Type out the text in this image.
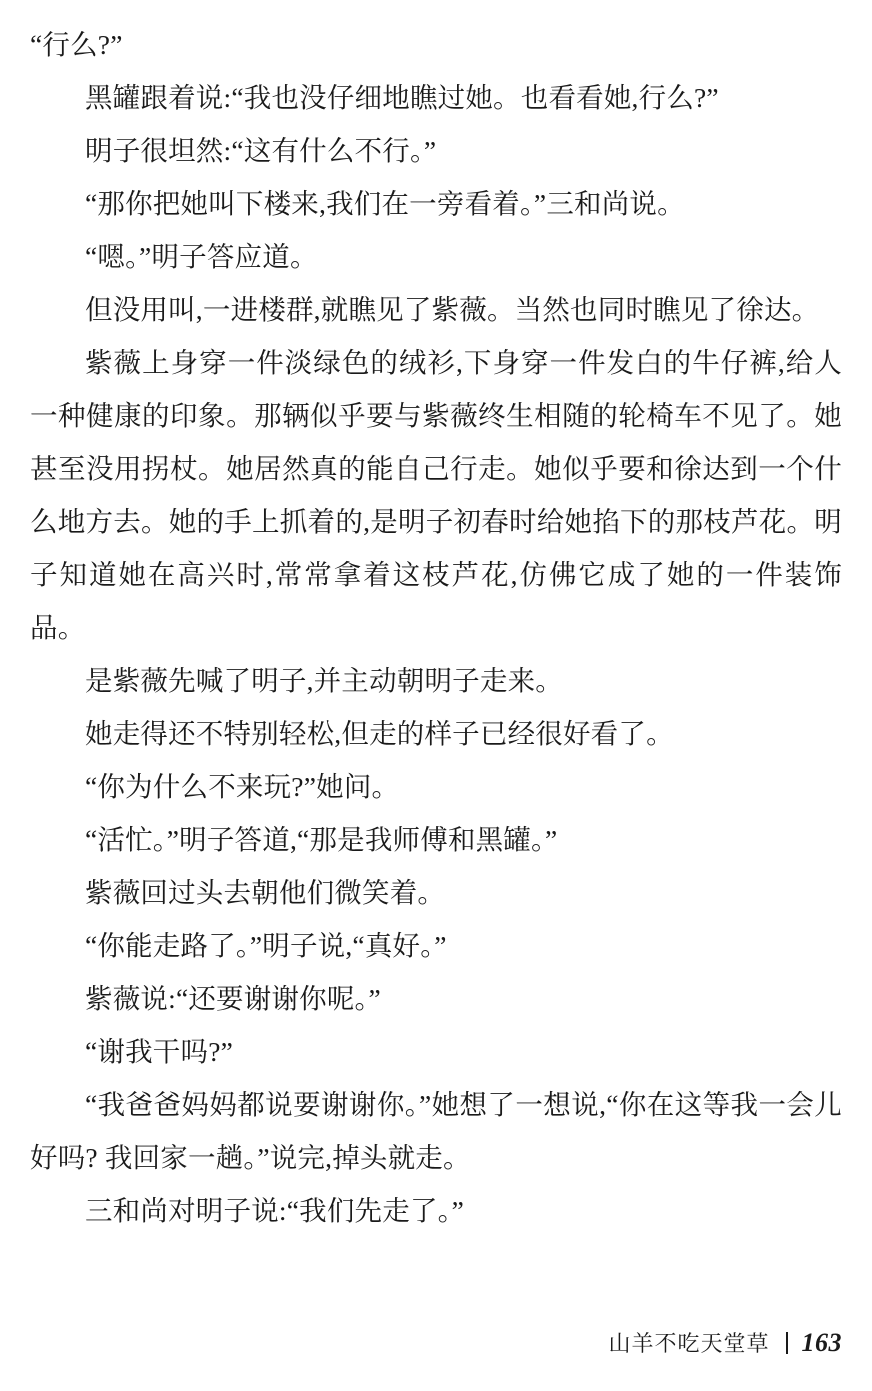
“行么?”

黑罐跟着说:“我也没仔细地瞧过她。也看看她,行么?”

明子很坦然:“这有什么不行。”

“那你把她叫下楼来,我们在一旁看着。”三和尚说。

“嗯。”明子答应道。

但没用叫,一进楼群,就瞧见了紫薇。当然也同时瞧见了徐达。

紫薇上身穿一件淡绿色的绒衫,下身穿一件发白的牛仔裤,给人一种健康的印象。那辆似乎要与紫薇终生相随的轮椅车不见了。她甚至没用拐杖。她居然真的能自己行走。她似乎要和徐达到一个什么地方去。她的手上抓着的,是明子初春时给她掐下的那枝芦花。明子知道她在高兴时,常常拿着这枝芦花,仿佛它成了她的一件装饰品。

是紫薇先喊了明子,并主动朝明子走来。

她走得还不特别轻松,但走的样子已经很好看了。

“你为什么不来玩?”她问。

“活忙。”明子答道,“那是我师傅和黑罐。”

紫薇回过头去朝他们微笑着。

“你能走路了。”明子说,“真好。”

紫薇说:“还要谢谢你呢。”

“谢我干吗?”

“我爸爸妈妈都说要谢谢你。”她想了一想说,“你在这等我一会儿好吗? 我回家一趟。”说完,掉头就走。

三和尚对明子说:“我们先走了。”

山羊不吃天堂草 163
